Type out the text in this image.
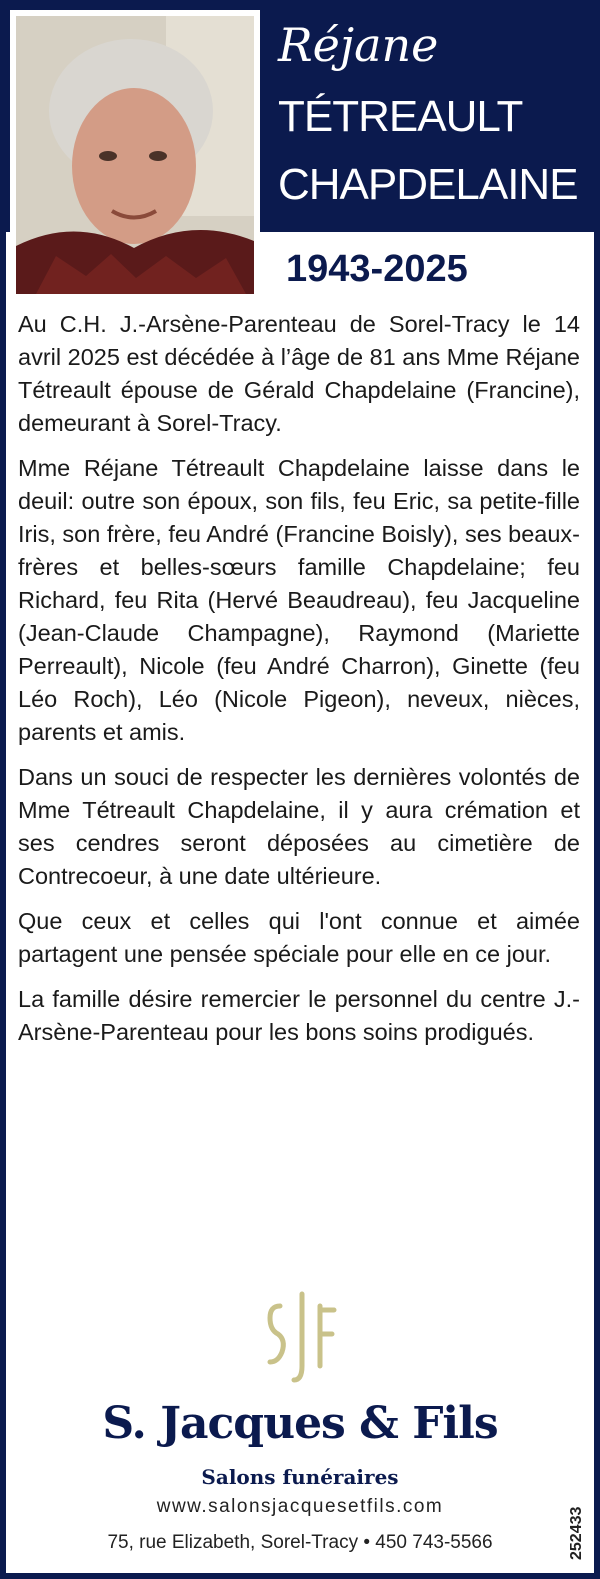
Réjane
TÉTREAULT
CHAPDELAINE
1943-2025

Au C.H. J.-Arsène-Parenteau de Sorel-Tracy le 14 avril 2025 est décédée à l’âge de 81 ans Mme Réjane Tétreault épouse de Gérald Chapdelaine (Francine), demeurant à Sorel-Tracy.

Mme Réjane Tétreault Chapdelaine laisse dans le deuil: outre son époux, son fils, feu Eric, sa petite-fille Iris, son frère, feu André (Francine Boisly), ses beaux-frères et belles-sœurs famille Chapdelaine; feu Richard, feu Rita (Hervé Beaudreau), feu Jacqueline (Jean-Claude Champagne), Raymond (Mariette Perreault), Nicole (feu André Charron), Ginette (feu Léo Roch), Léo (Nicole Pigeon), neveux, nièces, parents et amis.

Dans un souci de respecter les dernières volontés de Mme Tétreault Chapdelaine, il y aura crémation et ses cendres seront déposées au cimetière de Contrecoeur, à une date ultérieure.

Que ceux et celles qui l'ont connue et aimée partagent une pensée spéciale pour elle en ce jour.

La famille désire remercier le personnel du centre J.-Arsène-Parenteau pour les bons soins prodigués.

S. Jacques & Fils
Salons funéraires
www.salonsjacquesetfils.com
75, rue Elizabeth, Sorel-Tracy • 450 743-5566	252433
